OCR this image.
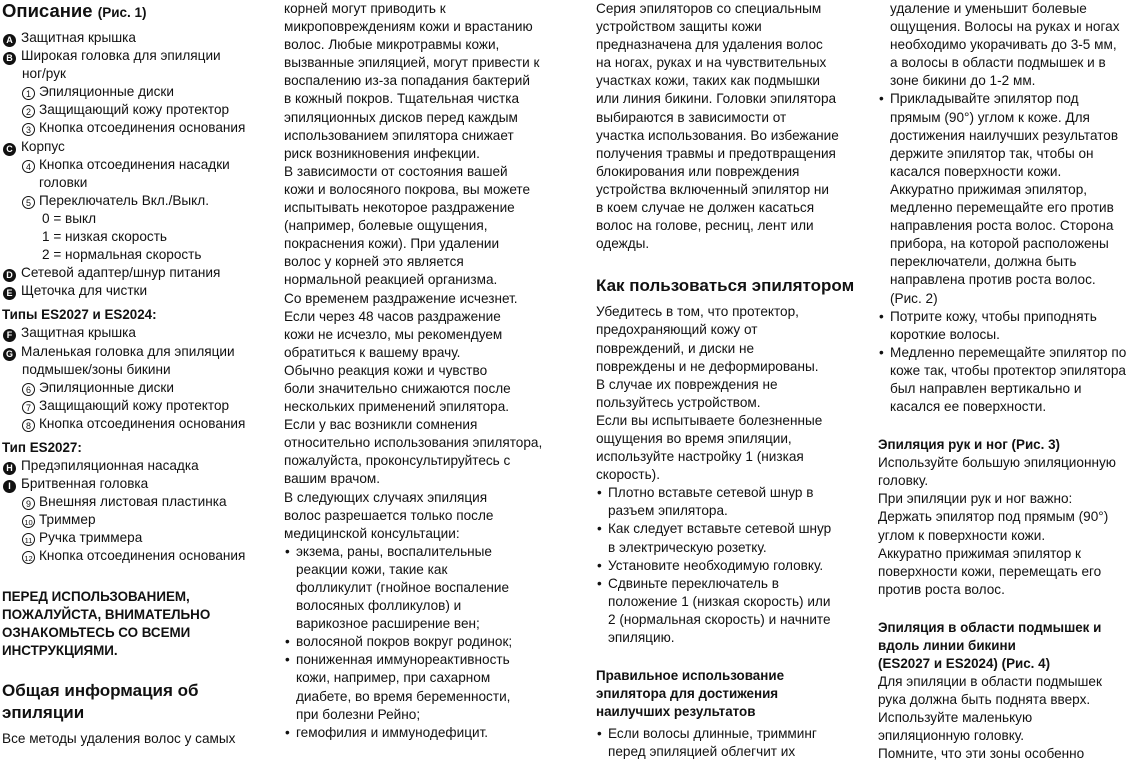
Описание (Рис. 1)
A Защитная крышка
B Широкая головка для эпиляции
ног/рук
1 Эпиляционные диски
2 Защищающий кожу протектор
3 Кнопка отсоединения основания
C Корпус
4 Кнопка отсоединения насадки
головки
5 Переключатель Вкл./Выкл.
0 = выкл
1 = низкая скорость
2 = нормальная скорость
D Сетевой адаптер/шнур питания
E Щеточка для чистки
Типы ES2027 и ES2024:
F Защитная крышка
G Маленькая головка для эпиляции
подмышек/зоны бикини
6 Эпиляционные диски
7 Защищающий кожу протектор
8 Кнопка отсоединения основания
Тип ES2027:
H Предэпиляционная насадка
I Бритвенная головка
9 Внешняя листовая пластинка
10 Триммер
11 Ручка триммера
12 Кнопка отсоединения основания
ПЕРЕД ИСПОЛЬЗОВАНИЕМ,
ПОЖАЛУЙСТА, ВНИМАТЕЛЬНО
ОЗНАКОМЬТЕСЬ СО ВСЕМИ
ИНСТРУКЦИЯМИ.
Общая информация об
эпиляции
Все методы удаления волос у самых
корней могут приводить к
микроповреждениям кожи и врастанию
волос. Любые микротравмы кожи,
вызванные эпиляцией, могут привести к
воспалению из-за попадания бактерий
в кожный покров. Тщательная чистка
эпиляционных дисков перед каждым
использованием эпилятора снижает
риск возникновения инфекции.
В зависимости от состояния вашей
кожи и волосяного покрова, вы можете
испытывать некоторое раздражение
(например, болевые ощущения,
покраснения кожи). При удалении
волос у корней это является
нормальной реакцией организма.
Со временем раздражение исчезнет.
Если через 48 часов раздражение
кожи не исчезло, мы рекомендуем
обратиться к вашему врачу.
Обычно реакция кожи и чувство
боли значительно снижаются после
нескольких применений эпилятора.
Если у вас возникли сомнения
относительно использования эпилятора,
пожалуйста, проконсультируйтесь с
вашим врачом.
В следующих случаях эпиляция
волос разрешается только после
медицинской консультации:
• экзема, раны, воспалительные
реакции кожи, такие как
фолликулит (гнойное воспаление
волосяных фолликулов) и
варикозное расширение вен;
• волосяной покров вокруг родинок;
• пониженная иммунореактивность
кожи, например, при сахарном
диабете, во время беременности,
при болезни Рейно;
• гемофилия и иммунодефицит.
Серия эпиляторов со специальным
устройством защиты кожи
предназначена для удаления волос
на ногах, руках и на чувствительных
участках кожи, таких как подмышки
или линия бикини. Головки эпилятора
выбираются в зависимости от
участка использования. Во избежание
получения травмы и предотвращения
блокирования или повреждения
устройства включенный эпилятор ни
в коем случае не должен касаться
волос на голове, ресниц, лент или
одежды.
Как пользоваться эпилятором
Убедитесь в том, что протектор,
предохраняющий кожу от
повреждений, и диски не
повреждены и не деформированы.
В случае их повреждения не
пользуйтесь устройством.
Если вы испытываете болезненные
ощущения во время эпиляции,
используйте настройку 1 (низкая
скорость).
• Плотно вставьте сетевой шнур в
разъем эпилятора.
• Как следует вставьте сетевой шнур
в электрическую розетку.
• Установите необходимую головку.
• Сдвиньте переключатель в
положение 1 (низкая скорость) или
2 (нормальная скорость) и начните
эпиляцию.
Правильное использование
эпилятора для достижения
наилучших результатов
• Если волосы длинные, тримминг
перед эпиляцией облегчит их
удаление и уменьшит болевые
ощущения. Волосы на руках и ногах
необходимо укорачивать до 3-5 мм,
а волосы в области подмышек и в
зоне бикини до 1-2 мм.
• Прикладывайте эпилятор под
прямым (90°) углом к коже. Для
достижения наилучших результатов
держите эпилятор так, чтобы он
касался поверхности кожи.
Аккуратно прижимая эпилятор,
медленно перемещайте его против
направления роста волос. Сторона
прибора, на которой расположены
переключатели, должна быть
направлена против роста волос.
(Рис. 2)
• Потрите кожу, чтобы приподнять
короткие волосы.
• Медленно перемещайте эпилятор по
коже так, чтобы протектор эпилятора
был направлен вертикально и
касался ее поверхности.
Эпиляция рук и ног (Рис. 3)
Используйте большую эпиляционную
головку.
При эпиляции рук и ног важно:
Держать эпилятор под прямым (90°)
углом к поверхности кожи.
Аккуратно прижимая эпилятор к
поверхности кожи, перемещать его
против роста волос.
Эпиляция в области подмышек и
вдоль линии бикини
(ES2027 и ES2024) (Рис. 4)
Для эпиляции в области подмышек
рука должна быть поднята вверх.
Используйте маленькую
эпиляционную головку.
Помните, что эти зоны особенно
